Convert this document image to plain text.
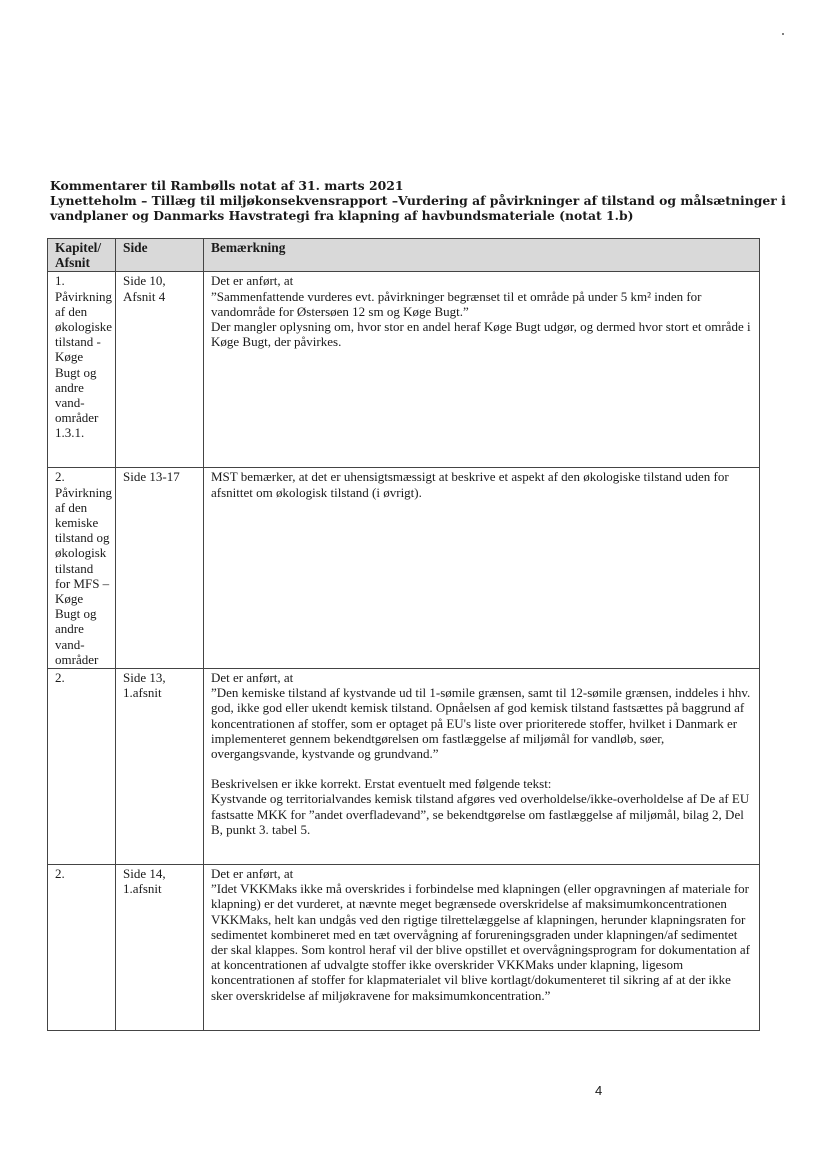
Kommentarer til Rambølls notat af 31. marts 2021
Lynetteholm – Tillæg til miljøkonsekvensrapport –Vurdering af påvirkninger af tilstand og målsætninger i vandplaner og Danmarks Havstrategi fra klapning af havbundsmateriale (notat 1.b)
Kapitel/ Afsnit	Side	Bemærkning
1. Påvirkning af den økologiske tilstand - Køge Bugt og andre vand-områder 1.3.1.	Side 10, Afsnit 4	Det er anført, at

”Sammenfattende vurderes evt. påvirkninger begrænset til et område på under 5 km² inden for vandområde for Østersøen 12 sm og Køge Bugt.”

Der mangler oplysning om, hvor stor en andel heraf Køge Bugt udgør, og dermed hvor stort et område i Køge Bugt, der påvirkes.

2. Påvirkning af den kemiske tilstand og økologisk tilstand for MFS – Køge Bugt og andre vand-områder	Side 13-17	MST bemærker, at det er uhensigtsmæssigt at beskrive et aspekt af den økologiske tilstand uden for afsnittet om økologisk tilstand (i øvrigt).

2.	Side 13, 1.afsnit	Det er anført, at

”Den kemiske tilstand af kystvande ud til 1-sømile grænsen, samt til 12-sømile grænsen, inddeles i hhv. god, ikke god eller ukendt kemisk tilstand. Opnåelsen af god kemisk tilstand fastsættes på baggrund af koncentrationen af stoffer, som er optaget på EU's liste over prioriterede stoffer, hvilket i Danmark er implementeret gennem bekendtgørelsen om fastlæggelse af miljømål for vandløb, søer, overgangsvande, kystvande og grundvand.”

Beskrivelsen er ikke korrekt. Erstat eventuelt med følgende tekst:

Kystvande og territorialvandes kemisk tilstand afgøres ved overholdelse/ikke-overholdelse af De af EU fastsatte MKK for ”andet overfladevand”, se bekendtgørelse om fastlæggelse af miljømål, bilag 2, Del B, punkt 3. tabel 5.

2.	Side 14, 1.afsnit	Det er anført, at

”Idet VKKMaks ikke må overskrides i forbindelse med klapningen (eller opgravningen af materiale for klapning) er det vurderet, at nævnte meget begrænsede overskridelse af maksimumkoncentrationen VKKMaks, helt kan undgås ved den rigtige tilrettelæggelse af klapningen, herunder klapningsraten for sedimentet kombineret med en tæt overvågning af forureningsgraden under klapningen/af sedimentet der skal klappes. Som kontrol heraf vil der blive opstillet et overvågningsprogram for dokumentation af at koncentrationen af udvalgte stoffer ikke overskrider VKKMaks under klapning, ligesom koncentrationen af stoffer for klapmaterialet vil blive kortlagt/dokumenteret til sikring af at der ikke sker overskridelse af miljøkravene for maksimumkoncentration.”

4
